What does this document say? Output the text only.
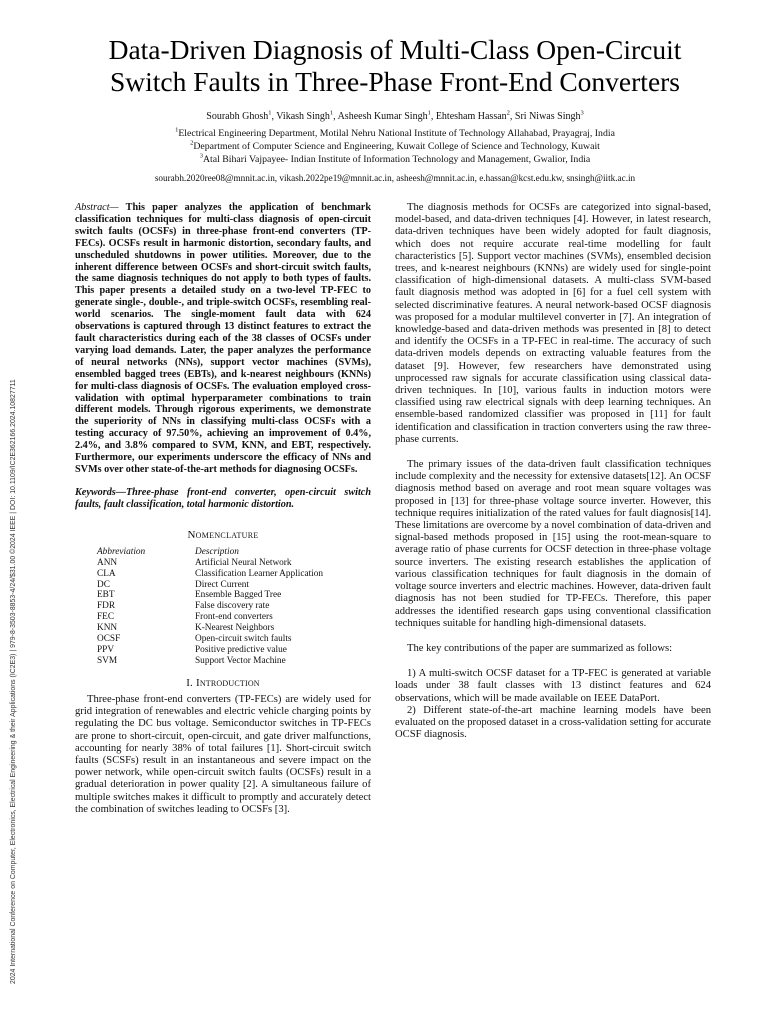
2024 International Conference on Computer, Electronics, Electrical Engineering & their Applications (IC2E3) | 979-8-3503-8853-4/24/$31.00 ©2024 IEEE | DOI: 10.1109/IC2E362166.2024.10827711
Data-Driven Diagnosis of Multi-Class Open-Circuit
Switch Faults in Three-Phase Front-End Converters
Sourabh Ghosh$^1$, Vikash Singh$^1$, Asheesh Kumar Singh$^1$, Ehtesham Hassan$^2$, Sri Niwas Singh$^3$
$^1$Electrical Engineering Department, Motilal Nehru National Institute of Technology Allahabad, Prayagraj, India
$^2$Department of Computer Science and Engineering, Kuwait College of Science and Technology, Kuwait
$^3$Atal Bihari Vajpayee- Indian Institute of Information Technology and Management, Gwalior, India
sourabh.2020ree08@mnnit.ac.in, vikash.2022pe19@mnnit.ac.in, asheesh@mnnit.ac.in, e.hassan@kcst.edu.kw, snsingh@iitk.ac.in

Abstract— This paper analyzes the application of benchmark classification techniques for multi-class diagnosis of open-circuit switch faults (OCSFs) in three-phase front-end converters (TP-FECs). OCSFs result in harmonic distortion, secondary faults, and unscheduled shutdowns in power utilities. Moreover, due to the inherent difference between OCSFs and short-circuit switch faults, the same diagnosis techniques do not apply to both types of faults. This paper presents a detailed study on a two-level TP-FEC to generate single-, double-, and triple-switch OCSFs, resembling real-world scenarios. The single-moment fault data with 624 observations is captured through 13 distinct features to extract the fault characteristics during each of the 38 classes of OCSFs under varying load demands. Later, the paper analyzes the performance of neural networks (NNs), support vector machines (SVMs), ensembled bagged trees (EBTs), and k-nearest neighbours (KNNs) for multi-class diagnosis of OCSFs. The evaluation employed cross-validation with optimal hyperparameter combinations to train different models. Through rigorous experiments, we demonstrate the superiority of NNs in classifying multi-class OCSFs with a testing accuracy of 97.50%, achieving an improvement of 0.4%, 2.4%, and 3.8% compared to SVM, KNN, and EBT, respectively. Furthermore, our experiments underscore the efficacy of NNs and SVMs over other state-of-the-art methods for diagnosing OCSFs.

Keywords—Three-phase front-end converter, open-circuit switch faults, fault classification, total harmonic distortion.

Nomenclature
Abbreviation	Description
ANN	Artificial Neural Network
CLA	Classification Learner Application
DC	Direct Current
EBT	Ensemble Bagged Tree
FDR	False discovery rate
FEC	Front-end converters
KNN	K-Nearest Neighbors
OCSF	Open-circuit switch faults
PPV	Positive predictive value
SVM	Support Vector Machine
I. Introduction

Three-phase front-end converters (TP-FECs) are widely used for grid integration of renewables and electric vehicle charging points by regulating the DC bus voltage. Semiconductor switches in TP-FECs are prone to short-circuit, open-circuit, and gate driver malfunctions, accounting for nearly 38% of total failures [1]. Short-circuit switch faults (SCSFs) result in an instantaneous and severe impact on the power network, while open-circuit switch faults (OCSFs) result in a gradual deterioration in power quality [2]. A simultaneous failure of multiple switches makes it difficult to promptly and accurately detect the combination of switches leading to OCSFs [3].

The diagnosis methods for OCSFs are categorized into signal-based, model-based, and data-driven techniques [4]. However, in latest research, data-driven techniques have been widely adopted for fault diagnosis, which does not require accurate real-time modelling for fault characteristics [5]. Support vector machines (SVMs), ensembled decision trees, and k-nearest neighbours (KNNs) are widely used for single-point classification of high-dimensional datasets. A multi-class SVM-based fault diagnosis method was adopted in [6] for a fuel cell system with selected discriminative features. A neural network-based OCSF diagnosis was proposed for a modular multilevel converter in [7]. An integration of knowledge-based and data-driven methods was presented in [8] to detect and identify the OCSFs in a TP-FEC in real-time. The accuracy of such data-driven models depends on extracting valuable features from the dataset [9]. However, few researchers have demonstrated using unprocessed raw signals for accurate classification using classical data-driven techniques. In [10], various faults in induction motors were classified using raw electrical signals with deep learning techniques. An ensemble-based randomized classifier was proposed in [11] for fault identification and classification in traction converters using the raw three-phase currents.

The primary issues of the data-driven fault classification techniques include complexity and the necessity for extensive datasets[12]. An OCSF diagnosis method based on average and root mean square voltages was proposed in [13] for three-phase voltage source inverter. However, this technique requires initialization of the rated values for fault diagnosis[14]. These limitations are overcome by a novel combination of data-driven and signal-based methods proposed in [15] using the root-mean-square to average ratio of phase currents for OCSF detection in three-phase voltage source inverters. The existing research establishes the application of various classification techniques for fault diagnosis in the domain of voltage source inverters and electric machines. However, data-driven fault diagnosis has not been studied for TP-FECs. Therefore, this paper addresses the identified research gaps using conventional classification techniques suitable for handling high-dimensional datasets.

The key contributions of the paper are summarized as follows:

1) A multi-switch OCSF dataset for a TP-FEC is generated at variable loads under 38 fault classes with 13 distinct features and 624 observations, which will be made available on IEEE DataPort.

2) Different state-of-the-art machine learning models have been evaluated on the proposed dataset in a cross-validation setting for accurate OCSF diagnosis.
